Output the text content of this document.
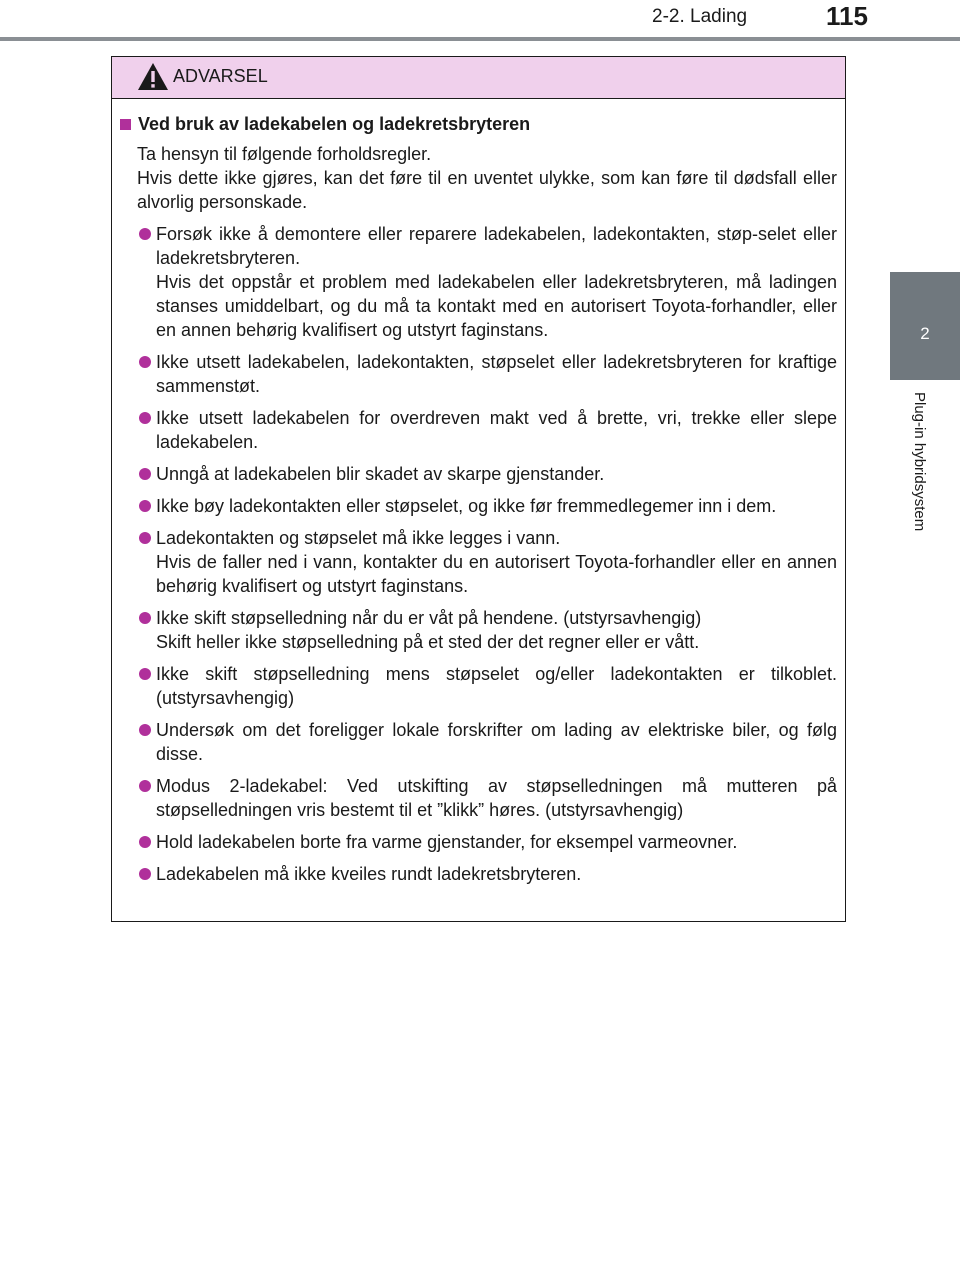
2-2. Lading	115
2
Plug-in hybridsystem
ADVARSEL
Ved bruk av ladekabelen og ladekretsbryteren

Ta hensyn til følgende forholdsregler.

Hvis dette ikke gjøres, kan det føre til en uventet ulykke, som kan føre til dødsfall eller alvorlig personskade.

Forsøk ikke å demontere eller reparere ladekabelen, ladekontakten, støp-selet eller ladekretsbryteren.

Hvis det oppstår et problem med ladekabelen eller ladekretsbryteren, må ladingen stanses umiddelbart, og du må ta kontakt med en autorisert Toyota-forhandler, eller en annen behørig kvalifisert og utstyrt faginstans.

Ikke utsett ladekabelen, ladekontakten, støpselet eller ladekretsbryteren for kraftige sammenstøt.

Ikke utsett ladekabelen for overdreven makt ved å brette, vri, trekke eller slepe ladekabelen.

Unngå at ladekabelen blir skadet av skarpe gjenstander.

Ikke bøy ladekontakten eller støpselet, og ikke før fremmedlegemer inn i dem.

Ladekontakten og støpselet må ikke legges i vann.

Hvis de faller ned i vann, kontakter du en autorisert Toyota-forhandler eller en annen behørig kvalifisert og utstyrt faginstans.

Ikke skift støpselledning når du er våt på hendene. (utstyrsavhengig)

Skift heller ikke støpselledning på et sted der det regner eller er vått.

Ikke skift støpselledning mens støpselet og/eller ladekontakten er tilkoblet. (utstyrsavhengig)

Undersøk om det foreligger lokale forskrifter om lading av elektriske biler, og følg disse.

Modus 2-ladekabel: Ved utskifting av støpselledningen må mutteren på støpselledningen vris bestemt til et ”klikk” høres. (utstyrsavhengig)

Hold ladekabelen borte fra varme gjenstander, for eksempel varmeovner.

Ladekabelen må ikke kveiles rundt ladekretsbryteren.
